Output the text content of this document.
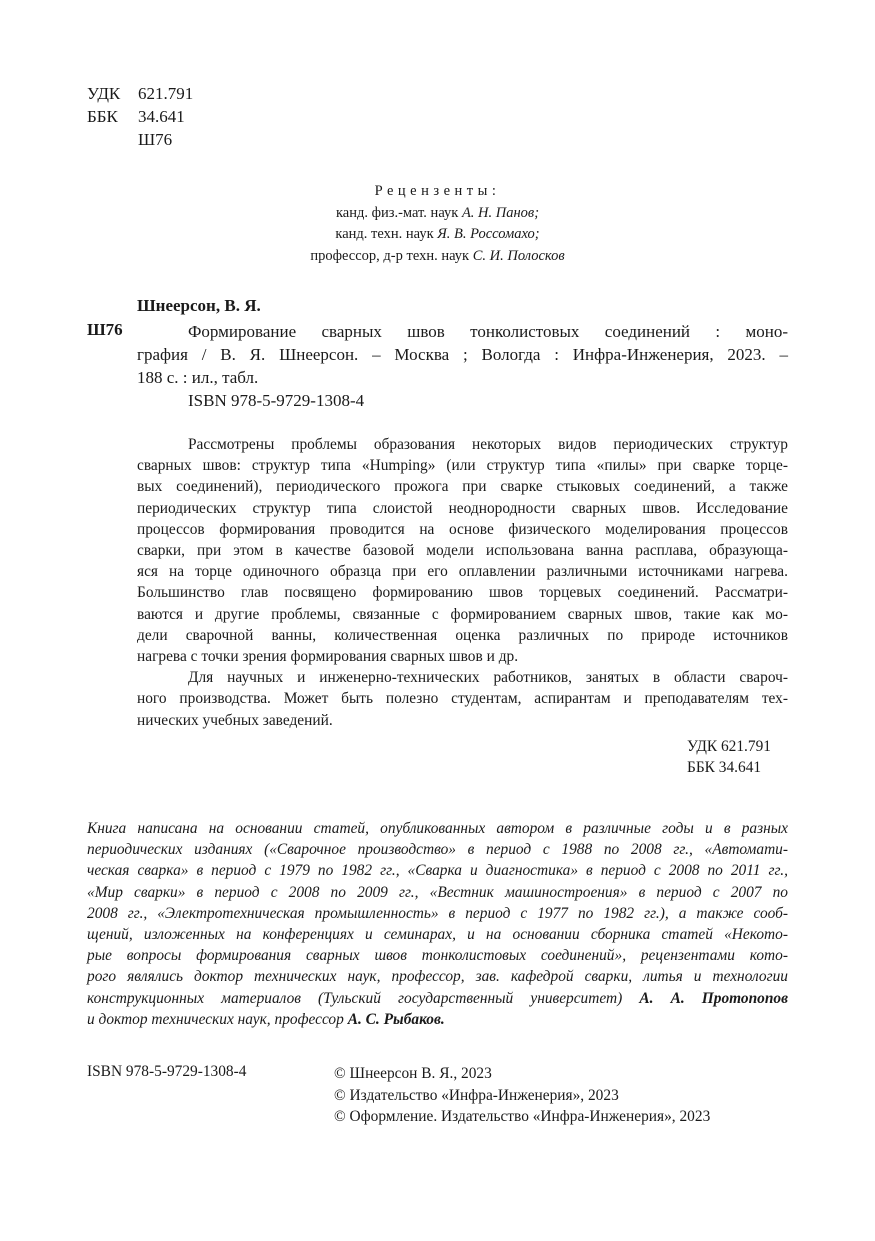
УДК	621.791
ББК	34.641
Ш76
Рецензенты:
канд. физ.-мат. наук А. Н. Панов;
канд. техн. наук Я. В. Россомахо;
профессор, д-р техн. наук С. И. Полосков
Шнеерсон, В. Я.
Ш76	Формирование сварных швов тонколистовых соединений : моно-
графия / В. Я. Шнеерсон. – Москва ; Вологда : Инфра-Инженерия, 2023. –
188 с. : ил., табл.
ISBN 978-5-9729-1308-4
Рассмотрены проблемы образования некоторых видов периодических структур
сварных швов: структур типа «Humping» (или структур типа «пилы» при сварке торце-
вых соединений), периодического прожога при сварке стыковых соединений, а также
периодических структур типа слоистой неоднородности сварных швов. Исследование
процессов формирования проводится на основе физического моделирования процессов
сварки, при этом в качестве базовой модели использована ванна расплава, образующа-
яся на торце одиночного образца при его оплавлении различными источниками нагрева.
Большинство глав посвящено формированию швов торцевых соединений. Рассматри-
ваются и другие проблемы, связанные с формированием сварных швов, такие как мо-
дели сварочной ванны, количественная оценка различных по природе источников
нагрева с точки зрения формирования сварных швов и др.
Для научных и инженерно-технических работников, занятых в области свароч-
ного производства. Может быть полезно студентам, аспирантам и преподавателям тех-
нических учебных заведений.
УДК 621.791
ББК 34.641
Книга написана на основании статей, опубликованных автором в различные годы и в разных
периодических изданиях («Сварочное производство» в период с 1988 по 2008 гг., «Автомати-
ческая сварка» в период с 1979 по 1982 гг., «Сварка и диагностика» в период с 2008 по 2011 гг.,
«Мир сварки» в период с 2008 по 2009 гг., «Вестник машиностроения» в период с 2007 по
2008 гг., «Электротехническая промышленность» в период с 1977 по 1982 гг.), а также сооб-
щений, изложенных на конференциях и семинарах, и на основании сборника статей «Некото-
рые вопросы формирования сварных швов тонколистовых соединений», рецензентами кото-
рого являлись доктор технических наук, профессор, зав. кафедрой сварки, литья и технологии
конструкционных материалов (Тульский государственный университет) А. А. Протопопов
и доктор технических наук, профессор А. С. Рыбаков.
ISBN 978-5-9729-1308-4	© Шнеерсон В. Я., 2023
© Издательство «Инфра-Инженерия», 2023
© Оформление. Издательство «Инфра-Инженерия», 2023
